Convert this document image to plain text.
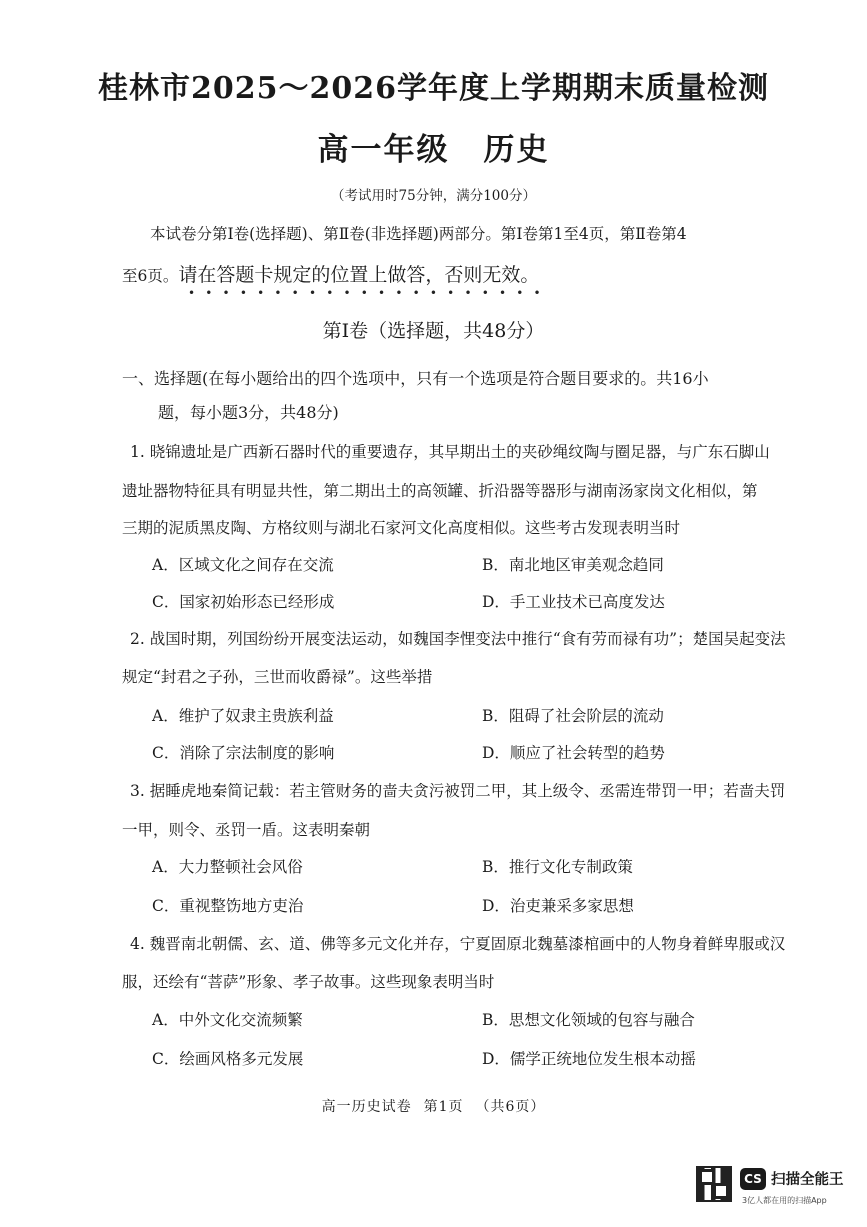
桂林市2025～2026学年度上学期期末质量检测
高一年级 历史
（考试用时75分钟，满分100分）
本试卷分第Ⅰ卷(选择题)、第Ⅱ卷(非选择题)两部分。第Ⅰ卷第1至4页，第Ⅱ卷第4
至6页。请在答题卡规定的位置上做答，否则无效。
•••••••••••••••••••••
第Ⅰ卷（选择题，共48分）
一、选择题(在每小题给出的四个选项中，只有一个选项是符合题目要求的。共16小
题，每小题3分，共48分)
1. 晓锦遗址是广西新石器时代的重要遗存，其早期出土的夹砂绳纹陶与圈足器，与广东石脚山
遗址器物特征具有明显共性，第二期出土的高领罐、折沿器等器形与湖南汤家岗文化相似，第
三期的泥质黑皮陶、方格纹则与湖北石家河文化高度相似。这些考古发现表明当时
A．区域文化之间存在交流	B．南北地区审美观念趋同
C．国家初始形态已经形成	D．手工业技术已高度发达
2. 战国时期，列国纷纷开展变法运动，如魏国李悝变法中推行“食有劳而禄有功”；楚国吴起变法
规定“封君之子孙，三世而收爵禄”。这些举措
A．维护了奴隶主贵族利益	B．阻碍了社会阶层的流动
C．消除了宗法制度的影响	D．顺应了社会转型的趋势
3. 据睡虎地秦简记载：若主管财务的啬夫贪污被罚二甲，其上级令、丞需连带罚一甲；若啬夫罚
一甲，则令、丞罚一盾。这表明秦朝
A．大力整顿社会风俗	B．推行文化专制政策
C．重视整饬地方吏治	D．治吏兼采多家思想
4. 魏晋南北朝儒、玄、道、佛等多元文化并存，宁夏固原北魏墓漆棺画中的人物身着鲜卑服或汉
服，还绘有“菩萨”形象、孝子故事。这些现象表明当时
A．中外文化交流频繁	B．思想文化领域的包容与融合
C．绘画风格多元发展	D．儒学正统地位发生根本动摇
高一历史试卷 第1页 （共6页）
CS 扫描全能王
3亿人都在用的扫描App
